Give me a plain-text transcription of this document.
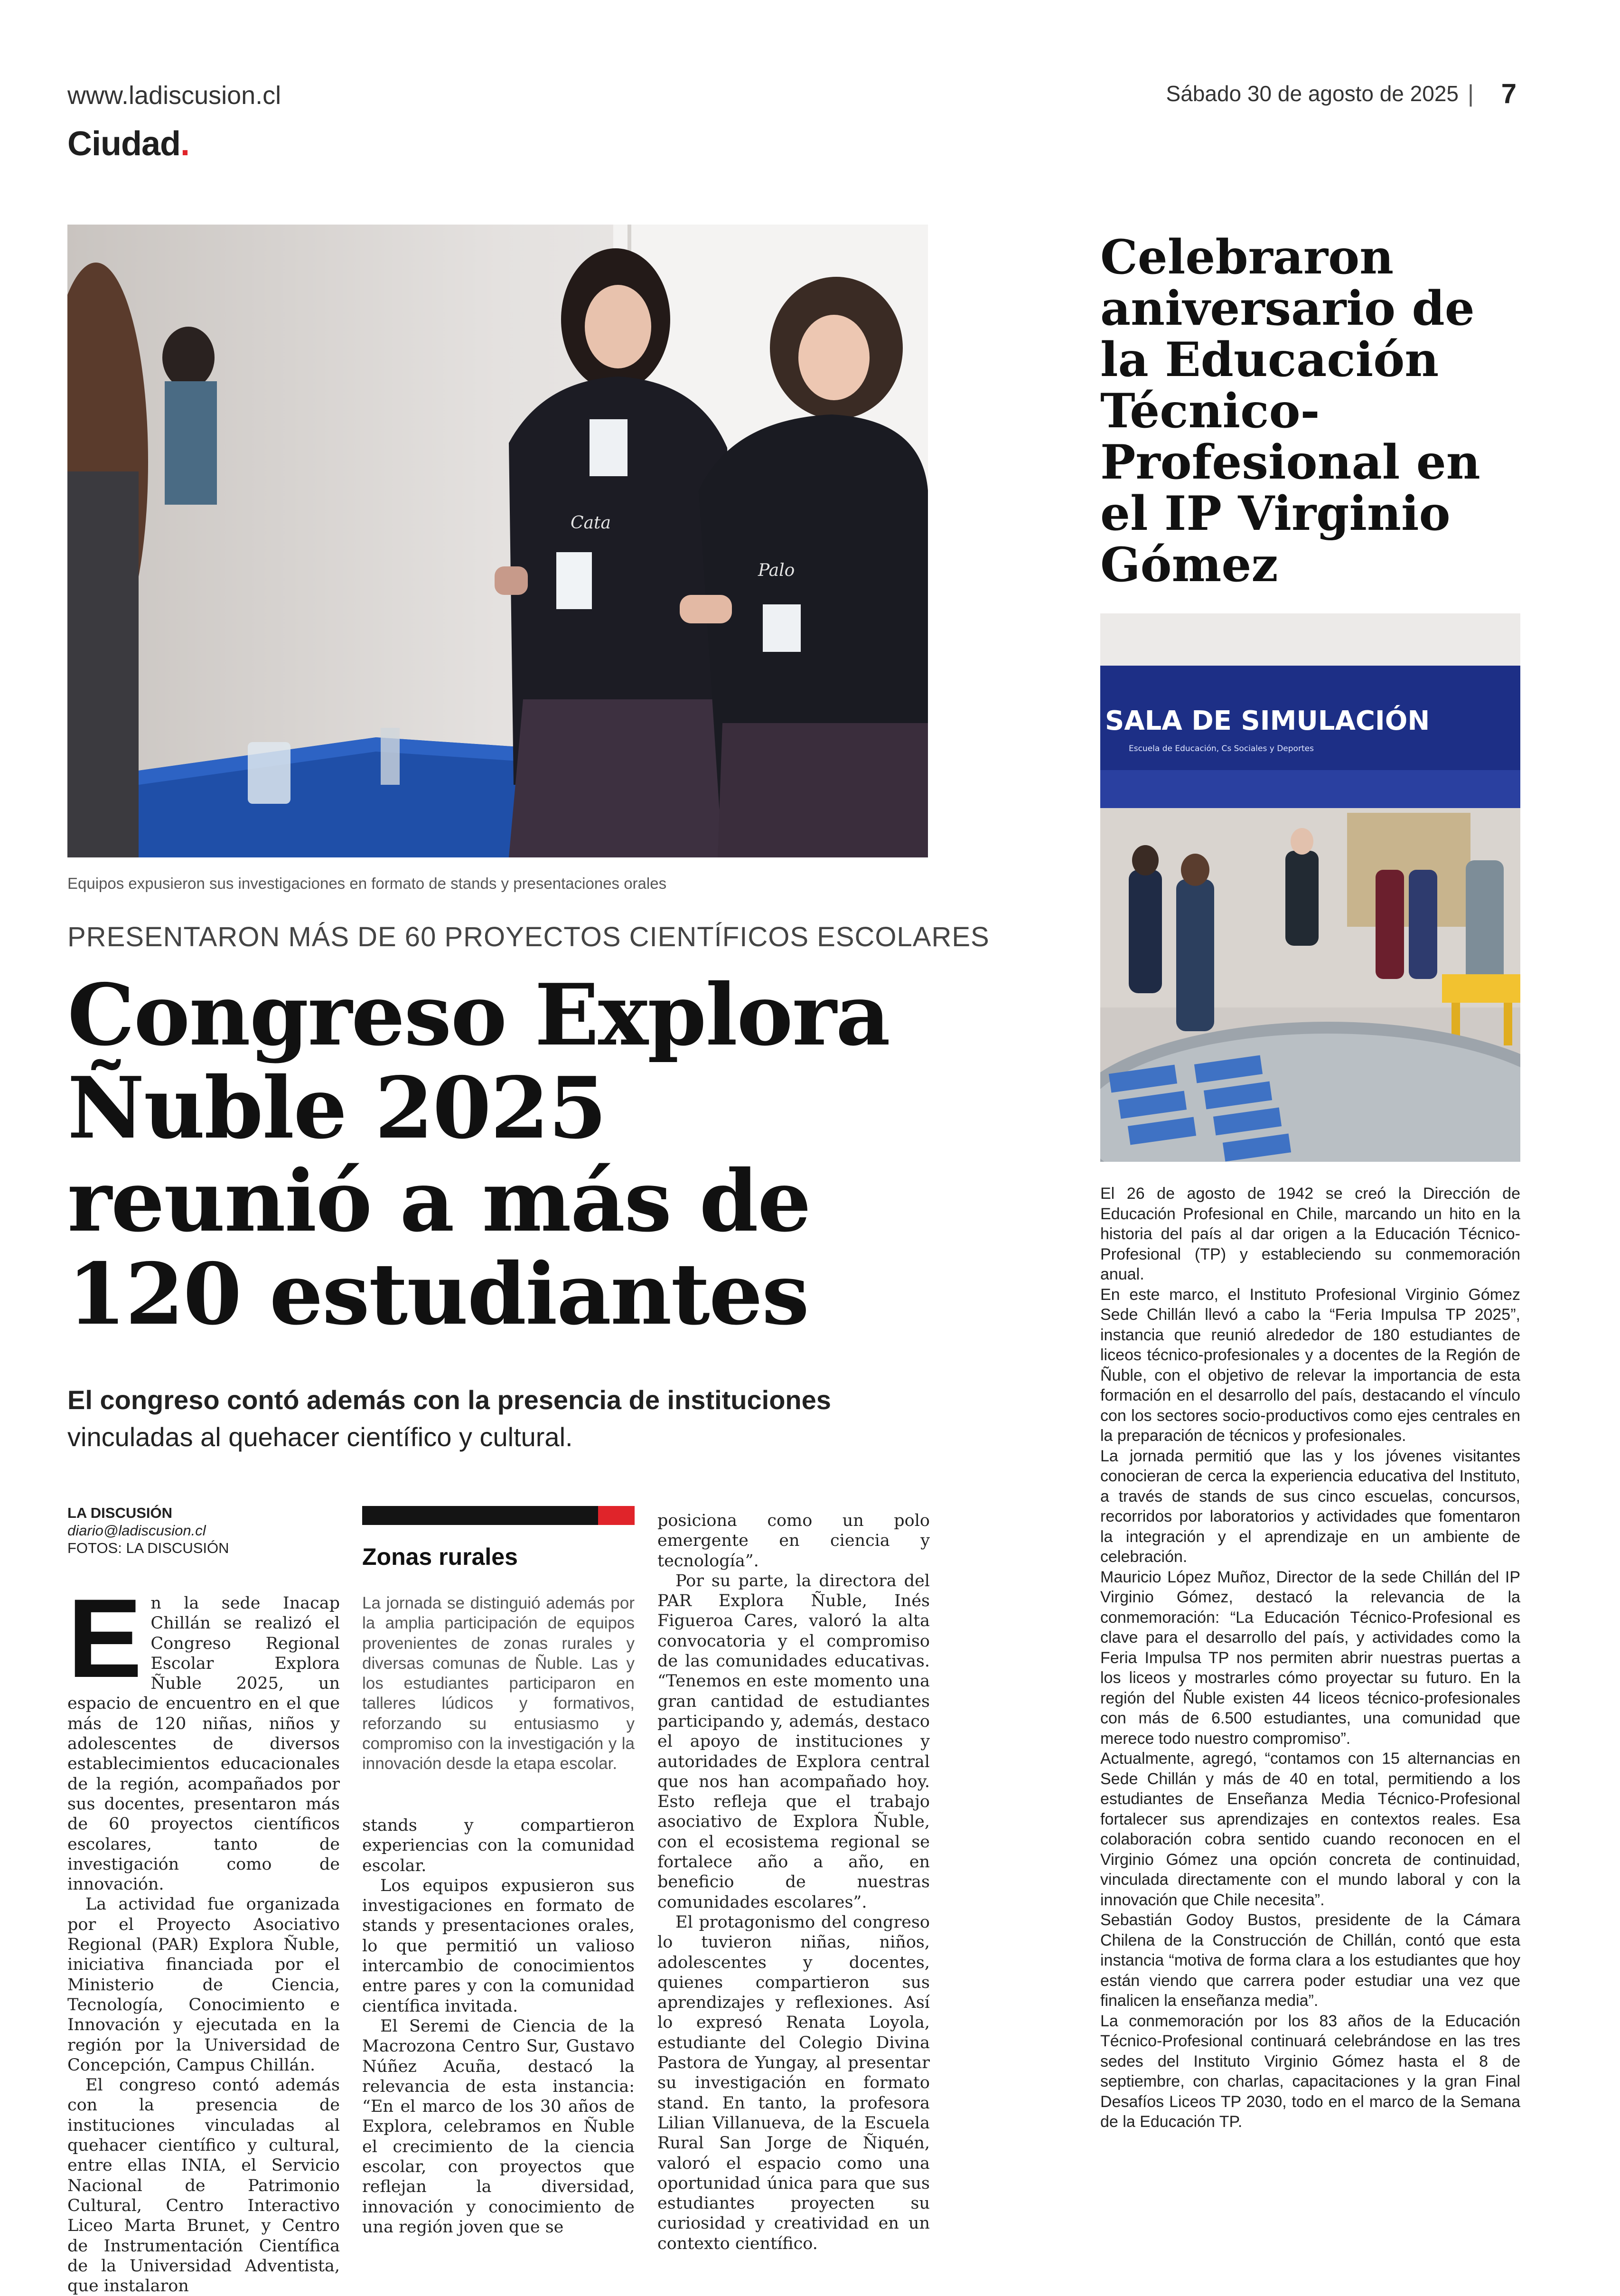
www.ladiscusion.cl	Sábado 30 de agosto de 2025 | 7
Ciudad.
Cata
Palo
Equipos expusieron sus investigaciones en formato de stands y presentaciones orales
PRESENTARON MÁS DE 60 PROYECTOS CIENTÍFICOS ESCOLARES
Congreso Explora Ñuble 2025 reunió a más de 120 estudiantes
El congreso contó además con la presencia de instituciones
vinculadas al quehacer científico y cultural.
LA DISCUSIÓN
diario@ladiscusion.cl
FOTOS: LA DISCUSIÓN

En la sede Inacap Chillán se realizó el Congreso Regional Escolar Explora Ñuble 2025, un espacio de encuentro en el que más de 120 niñas, niños y adolescentes de diversos establecimientos educacionales de la región, acompañados por sus docentes, presentaron más de 60 proyectos científicos escolares, tanto de investigación como de innovación.

La actividad fue organizada por el Proyecto Asociativo Regional (PAR) Explora Ñuble, iniciativa financiada por el Ministerio de Ciencia, Tecnología, Conocimiento e Innovación y ejecutada en la región por la Universidad de Concepción, Campus Chillán.

El congreso contó además con la presencia de instituciones vinculadas al quehacer científico y cultural, entre ellas INIA, el Servicio Nacional de Patrimonio Cultural, Centro Interactivo Liceo Marta Brunet, y Centro de Instrumentación Científica de la Universidad Adventista, que instalaron

Zonas rurales

La jornada se distinguió además por la amplia participación de equipos provenientes de zonas rurales y diversas comunas de Ñuble. Las y los estudiantes participaron en talleres lúdicos y formativos, reforzando su entusiasmo y compromiso con la investigación y la innovación desde la etapa escolar.

stands y compartieron experiencias con la comunidad escolar.

Los equipos expusieron sus investigaciones en formato de stands y presentaciones orales, lo que permitió un valioso intercambio de conocimientos entre pares y con la comunidad científica invitada.

El Seremi de Ciencia de la Macrozona Centro Sur, Gustavo Núñez Acuña, destacó la relevancia de esta instancia: “En el marco de los 30 años de Explora, celebramos en Ñuble el crecimiento de la ciencia escolar, con proyectos que reflejan la diversidad, innovación y conocimiento de una región joven que se

posiciona como un polo emergente en ciencia y tecnología”.

Por su parte, la directora del PAR Explora Ñuble, Inés Figueroa Cares, valoró la alta convocatoria y el compromiso de las comunidades educativas. “Tenemos en este momento una gran cantidad de estudiantes participando y, además, destaco el apoyo de instituciones y autoridades de Explora central que nos han acompañado hoy. Esto refleja que el trabajo asociativo de Explora Ñuble, con el ecosistema regional se fortalece año a año, en beneficio de nuestras comunidades escolares”.

El protagonismo del congreso lo tuvieron niñas, niños, adolescentes y docentes, quienes compartieron sus aprendizajes y reflexiones. Así lo expresó Renata Loyola, estudiante del Colegio Divina Pastora de Yungay, al presentar su investigación en formato stand. En tanto, la profesora Lilian Villanueva, de la Escuela Rural San Jorge de Ñiquén, valoró el espacio como una oportunidad única para que sus estudiantes proyecten su curiosidad y creatividad en un contexto científico.

Celebraron aniversario de la Educación Técnico-Profesional en el IP Virginio Gómez
SALA DE SIMULACIÓN
Escuela de Educación, Cs Sociales y Deportes

El 26 de agosto de 1942 se creó la Dirección de Educación Profesional en Chile, marcando un hito en la historia del país al dar origen a la Educación Técnico-Profesional (TP) y estableciendo su conmemoración anual.

En este marco, el Instituto Profesional Virginio Gómez Sede Chillán llevó a cabo la “Feria Impulsa TP 2025”, instancia que reunió alrededor de 180 estudiantes de liceos técnico-profesionales y a docentes de la Región de Ñuble, con el objetivo de relevar la importancia de esta formación en el desarrollo del país, destacando el vínculo con los sectores socio-productivos como ejes centrales en la preparación de técnicos y profesionales.

La jornada permitió que las y los jóvenes visitantes conocieran de cerca la experiencia educativa del Instituto, a través de stands de sus cinco escuelas, concursos, recorridos por laboratorios y actividades que fomentaron la integración y el aprendizaje en un ambiente de celebración.

Mauricio López Muñoz, Director de la sede Chillán del IP Virginio Gómez, destacó la relevancia de la conmemoración: “La Educación Técnico-Profesional es clave para el desarrollo del país, y actividades como la Feria Impulsa TP nos permiten abrir nuestras puertas a los liceos y mostrarles cómo proyectar su futuro. En la región del Ñuble existen 44 liceos técnico-profesionales con más de 6.500 estudiantes, una comunidad que merece todo nuestro compromiso”.

Actualmente, agregó, “contamos con 15 alternancias en Sede Chillán y más de 40 en total, permitiendo a los estudiantes de Enseñanza Media Técnico-Profesional fortalecer sus aprendizajes en contextos reales. Esa colaboración cobra sentido cuando reconocen en el Virginio Gómez una opción concreta de continuidad, vinculada directamente con el mundo laboral y con la innovación que Chile necesita”.

Sebastián Godoy Bustos, presidente de la Cámara Chilena de la Construcción de Chillán, contó que esta instancia “motiva de forma clara a los estudiantes que hoy están viendo que carrera poder estudiar una vez que finalicen la enseñanza media”.

La conmemoración por los 83 años de la Educación Técnico-Profesional continuará celebrándose en las tres sedes del Instituto Virginio Gómez hasta el 8 de septiembre, con charlas, capacitaciones y la gran Final Desafíos Liceos TP 2030, todo en el marco de la Semana de la Educación TP.
